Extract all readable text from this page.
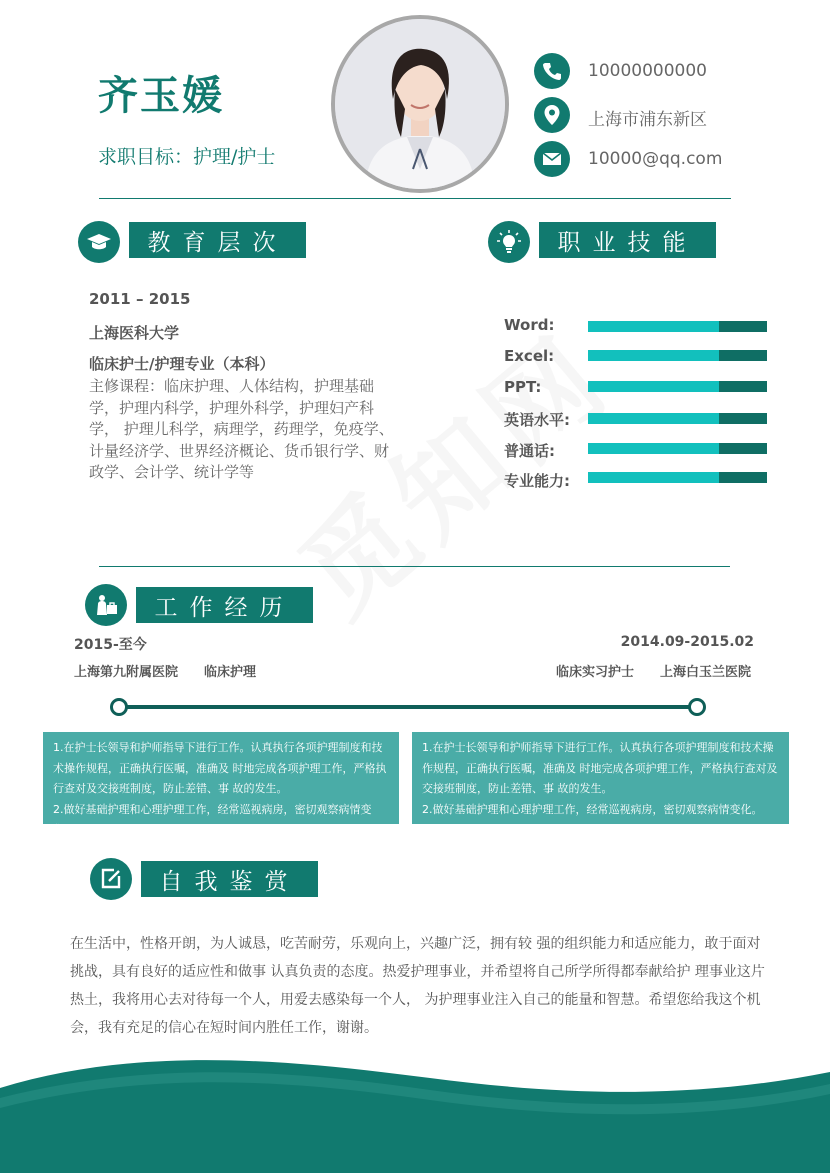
齐玉媛
求职目标：护理/护士
10000000000
上海市浦东新区
10000@qq.com
教育层次
2011 – 2015
上海医科大学
临床护士/护理专业（本科）
主修课程：临床护理、人体结构，护理基础学，护理内科学，护理外科学，护理妇产科学， 护理儿科学，病理学，药理学，免疫学、计量经济学、世界经济概论、货币银行学、财政学、会计学、统计学等
职业技能
Word:
Excel:
PPT:
英语水平:
普通话:
专业能力:
工作经历
2015-至今
上海第九附属医院　　临床护理
2014.09-2015.02
临床实习护士　　上海白玉兰医院
1.在护士长领导和护师指导下进行工作。认真执行各项护理制度和技术操作规程，正确执行医嘱，准确及 时地完成各项护理工作，严格执行查对及交接班制度，防止差错、事 故的发生。
2.做好基础护理和心理护理工作，经常巡视病房，密切观察病情变化。
1.在护士长领导和护师指导下进行工作。认真执行各项护理制度和技术操作规程，正确执行医嘱，准确及 时地完成各项护理工作，严格执行查对及交接班制度，防止差错、事 故的发生。
2.做好基础护理和心理护理工作，经常巡视病房，密切观察病情变化。
自我鉴赏
在生活中，性格开朗，为人诚恳，吃苦耐劳，乐观向上，兴趣广泛，拥有较 强的组织能力和适应能力，敢于面对挑战，具有良好的适应性和做事 认真负责的态度。热爱护理事业，并希望将自己所学所得都奉献给护 理事业这片热土，我将用心去对待每一个人，用爱去感染每一个人， 为护理事业注入自己的能量和智慧。希望您给我这个机会，我有充足的信心在短时间内胜任工作，谢谢。
